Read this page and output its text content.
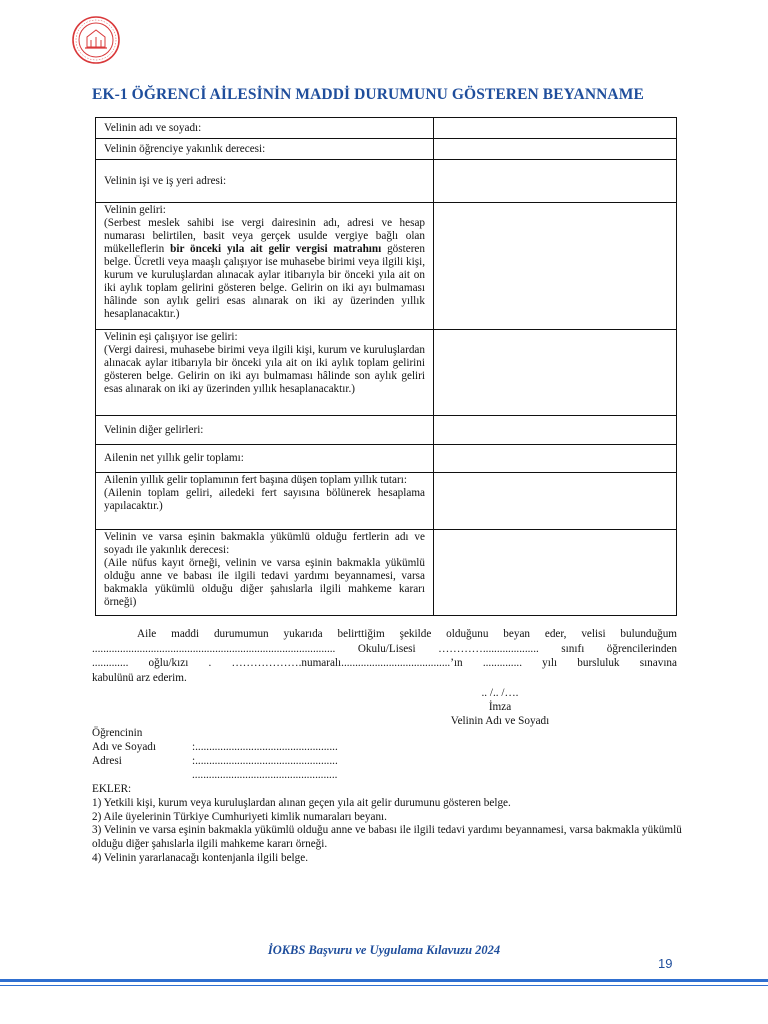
EK-1 ÖĞRENCİ AİLESİNİN MADDİ DURUMUNU GÖSTEREN BEYANNAME
Velinin adı ve soyadı:	
Velinin öğrenciye yakınlık derecesi:	
Velinin işi ve iş yeri adresi:	

Velinin geliri:
(Serbest meslek sahibi ise vergi dairesinin adı, adresi ve hesap numarası belirtilen, basit veya gerçek usulde vergiye bağlı olan mükelleflerin bir önceki yıla ait gelir vergisi matrahını gösteren belge. Ücretli veya maaşlı çalışıyor ise muhasebe birimi veya ilgili kişi, kurum ve kuruluşlardan alınacak aylar itibarıyla bir önceki yıla ait on iki aylık toplam gelirini gösteren belge. Gelirin on iki ayı bulmaması hâlinde son aylık geliri esas alınarak on iki ay üzerinden yıllık hesaplanacaktır.)	

Velinin eşi çalışıyor ise geliri:
(Vergi dairesi, muhasebe birimi veya ilgili kişi, kurum ve kuruluşlardan alınacak aylar itibarıyla bir önceki yıla ait on iki aylık toplam gelirini gösteren belge. Gelirin on iki ayı bulmaması hâlinde son aylık geliri esas alınarak on iki ay üzerinden yıllık hesaplanacaktır.)	

Velinin diğer gelirleri:	
Ailenin net yıllık gelir toplamı:	

Ailenin yıllık gelir toplamının fert başına düşen toplam yıllık tutarı:
(Ailenin toplam geliri, ailedeki fert sayısına bölünerek hesaplama yapılacaktır.)	

Velinin ve varsa eşinin bakmakla yükümlü olduğu fertlerin adı ve soyadı ile yakınlık derecesi:
(Aile nüfus kayıt örneği, velinin ve varsa eşinin bakmakla yükümlü olduğu anne ve babası ile ilgili tedavi yardımı beyannamesi, varsa bakmakla yükümlü olduğu diğer şahıslarla ilgili mahkeme kararı örneği)	

Aile maddi durumumun yukarıda belirttiğim şekilde olduğunu beyan eder, velisi bulunduğum

....................................................................................... Okulu/Lisesi ………….................... sınıfı öğrencilerinden

............. oğlu/kızı . ……………….numaralı.......................................’ın .............. yılı bursluluk sınavına

kabulünü arz ederim.

.. /.. /….
İmza
Velinin Adı ve Soyadı
Öğrencinin
Adı ve Soyadı	:...................................................
Adresi	:...................................................
....................................................
EKLER:
1) Yetkili kişi, kurum veya kuruluşlardan alınan geçen yıla ait gelir durumunu gösteren belge.
2) Aile üyelerinin Türkiye Cumhuriyeti kimlik numaraları beyanı.
3) Velinin ve varsa eşinin bakmakla yükümlü olduğu anne ve babası ile ilgili tedavi yardımı beyannamesi, varsa bakmakla yükümlü olduğu diğer şahıslarla ilgili mahkeme kararı örneği.
4) Velinin yararlanacağı kontenjanla ilgili belge.
İOKBS Başvuru ve Uygulama Kılavuzu 2024
19
